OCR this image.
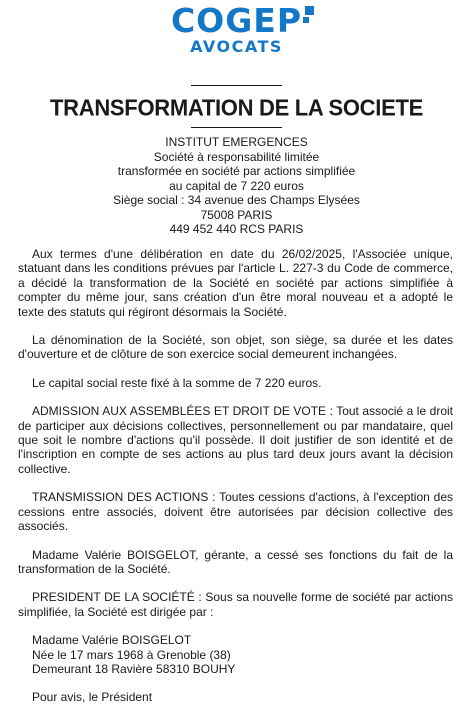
COGEP
AVOCATS
TRANSFORMATION DE LA SOCIETE
INSTITUT EMERGENCES
Société à responsabilité limitée
transformée en société par actions simplifiée
au capital de 7 220 euros
Siège social : 34 avenue des Champs Elysées
75008 PARIS
449 452 440 RCS PARIS

Aux termes d'une délibération en date du 26/02/2025, l'Associée unique, statuant dans les conditions prévues par l'article L. 227-3 du Code de commerce, a décidé la transformation de la Société en société par actions simplifiée à compter du même jour, sans création d'un être moral nouveau et a adopté le texte des statuts qui régiront désormais la Société.

La dénomination de la Société, son objet, son siège, sa durée et les dates d'ouverture et de clôture de son exercice social demeurent inchangées.

Le capital social reste fixé à la somme de 7 220 euros.

ADMISSION AUX ASSEMBLÉES ET DROIT DE VOTE : Tout associé a le droit de participer aux décisions collectives, personnellement ou par mandataire, quel que soit le nombre d'actions qu'il possède. Il doit justifier de son identité et de l'inscription en compte de ses actions au plus tard deux jours avant la décision collective.

TRANSMISSION DES ACTIONS : Toutes cessions d'actions, à l'exception des cessions entre associés, doivent être autorisées par décision collective des associés.

Madame Valérie BOISGELOT, gérante, a cessé ses fonctions du fait de la transformation de la Société.

PRESIDENT DE LA SOCIÉTÉ : Sous sa nouvelle forme de société par actions simplifiée, la Société est dirigée par :

Madame Valérie BOISGELOT
Née le 17 mars 1968 à Grenoble (38)
Demeurant 18 Ravière 58310 BOUHY

Pour avis, le Président
